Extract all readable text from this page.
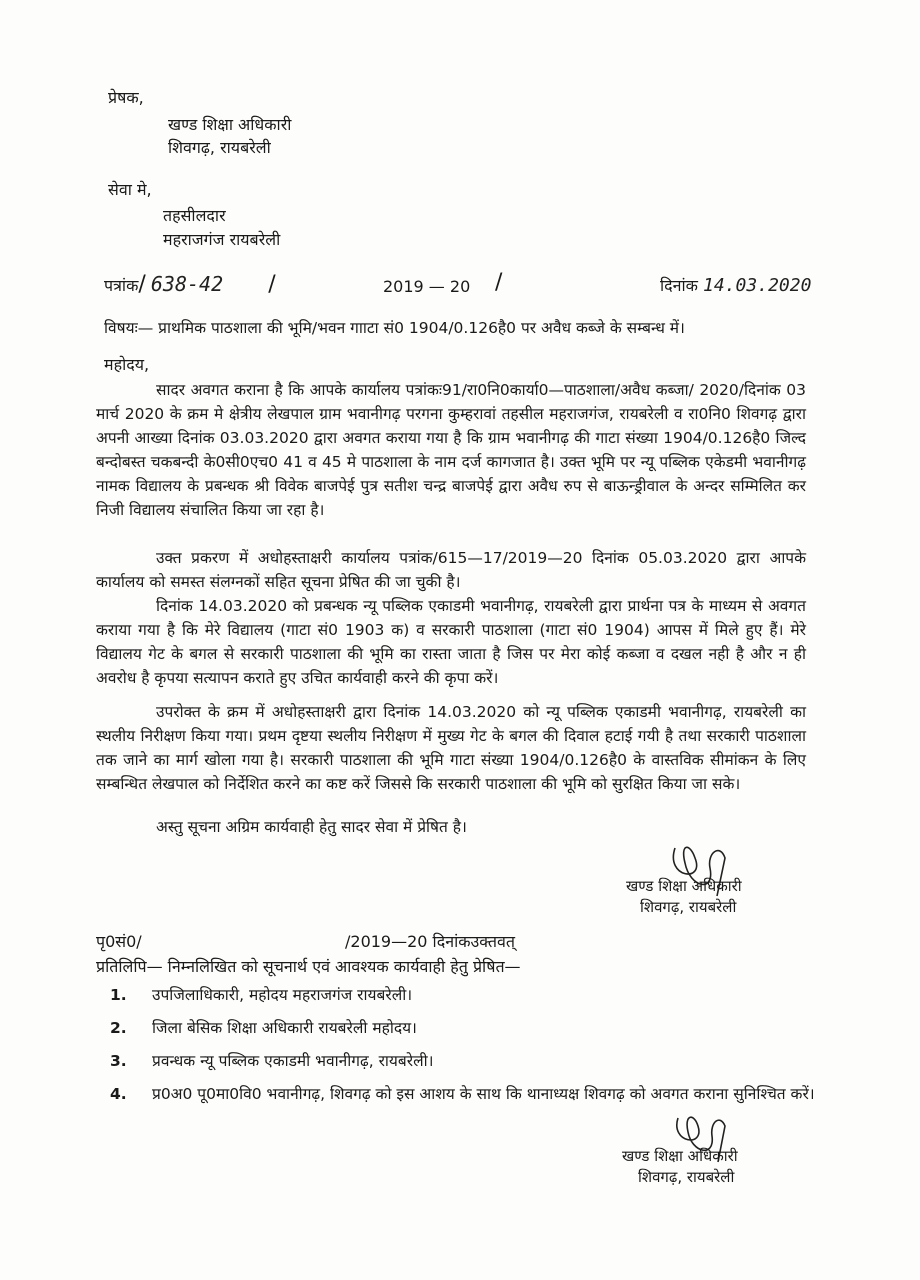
प्रेषक,
खण्ड शिक्षा अधिकारी
शिवगढ़, रायबरेली
सेवा मे,
तहसीलदार
महराजगंज रायबरेली
पत्रांक/ 638-42 /	2019 — 20 /	दिनांक 14.03.2020
विषयः— प्राथमिक पाठशाला की भूमि/भवन गााटा सं0 1904/0.126है0 पर अवैध कब्जे के सम्बन्ध में।
महोदय,
सादर अवगत कराना है कि आपके कार्यालय पत्रांकः91/रा0नि0कार्या0—पाठशाला/अवैध कब्जा/ 2020/दिनांक 03 मार्च 2020 के क्रम मे क्षेत्रीय लेखपाल ग्राम भवानीगढ़ परगना कुम्हरावां तहसील महराजगंज, रायबरेली व रा0नि0 शिवगढ़ द्वारा अपनी आख्या दिनांक 03.03.2020 द्वारा अवगत कराया गया है कि ग्राम भवानीगढ़ की गाटा संख्या 1904/0.126है0 जिल्द बन्दोबस्त चकबन्दी के0सी0एच0 41 व 45 मे पाठशाला के नाम दर्ज कागजात है। उक्त भूमि पर न्यू पब्लिक एकेडमी भवानीगढ़ नामक विद्यालय के प्रबन्धक श्री विवेक बाजपेई पुत्र सतीश चन्द्र बाजपेई द्वारा अवैध रुप से बाऊन्ड्रीवाल के अन्दर सम्मिलित कर निजी विद्यालय संचालित किया जा रहा है।
उक्त प्रकरण में अधोहस्ताक्षरी कार्यालय पत्रांक/615—17/2019—20 दिनांक 05.03.2020 द्वारा आपके कार्यालय को समस्त संलग्नकों सहित सूचना प्रेषित की जा चुकी है।
दिनांक 14.03.2020 को प्रबन्धक न्यू पब्लिक एकाडमी भवानीगढ़, रायबरेली द्वारा प्रार्थना पत्र के माध्यम से अवगत कराया गया है कि मेरे विद्यालय (गाटा सं0 1903 क) व सरकारी पाठशाला (गाटा सं0 1904) आपस में मिले हुए हैं। मेरे विद्यालय गेट के बगल से सरकारी पाठशाला की भूमि का रास्ता जाता है जिस पर मेरा कोई कब्जा व दखल नही है और न ही अवरोध है कृपया सत्यापन कराते हुए उचित कार्यवाही करने की कृपा करें।
उपरोक्त के क्रम में अधोहस्ताक्षरी द्वारा दिनांक 14.03.2020 को न्यू पब्लिक एकाडमी भवानीगढ़, रायबरेली का स्थलीय निरीक्षण किया गया। प्रथम दृष्टया स्थलीय निरीक्षण में मुख्य गेट के बगल की दिवाल हटाई गयी है तथा सरकारी पाठशाला तक जाने का मार्ग खोला गया है। सरकारी पाठशाला की भूमि गाटा संख्या 1904/0.126है0 के वास्तविक सीमांकन के लिए सम्बन्धित लेखपाल को निर्देशित करने का कष्ट करें जिससे कि सरकारी पाठशाला की भूमि को सुरक्षित किया जा सके।
अस्तु सूचना अग्रिम कार्यवाही हेतु सादर सेवा में प्रेषित है।
खण्ड शिक्षा अधिकारी
शिवगढ़, रायबरेली
पृ0सं0/	/2019—20 दिनांकउक्तवत्
प्रतिलिपि— निम्नलिखित को सूचनार्थ एवं आवश्यक कार्यवाही हेतु प्रेषित—
1.	उपजिलाधिकारी, महोदय महराजगंज रायबरेली।
2.	जिला बेसिक शिक्षा अधिकारी रायबरेली महोदय।
3.	प्रवन्धक न्यू पब्लिक एकाडमी भवानीगढ़, रायबरेली।
4.	प्र0अ0 पू0मा0वि0 भवानीगढ़, शिवगढ़ को इस आशय के साथ कि थानाध्यक्ष शिवगढ़ को अवगत कराना सुनिश्चित करें।
खण्ड शिक्षा अधिकारी
शिवगढ़, रायबरेली
